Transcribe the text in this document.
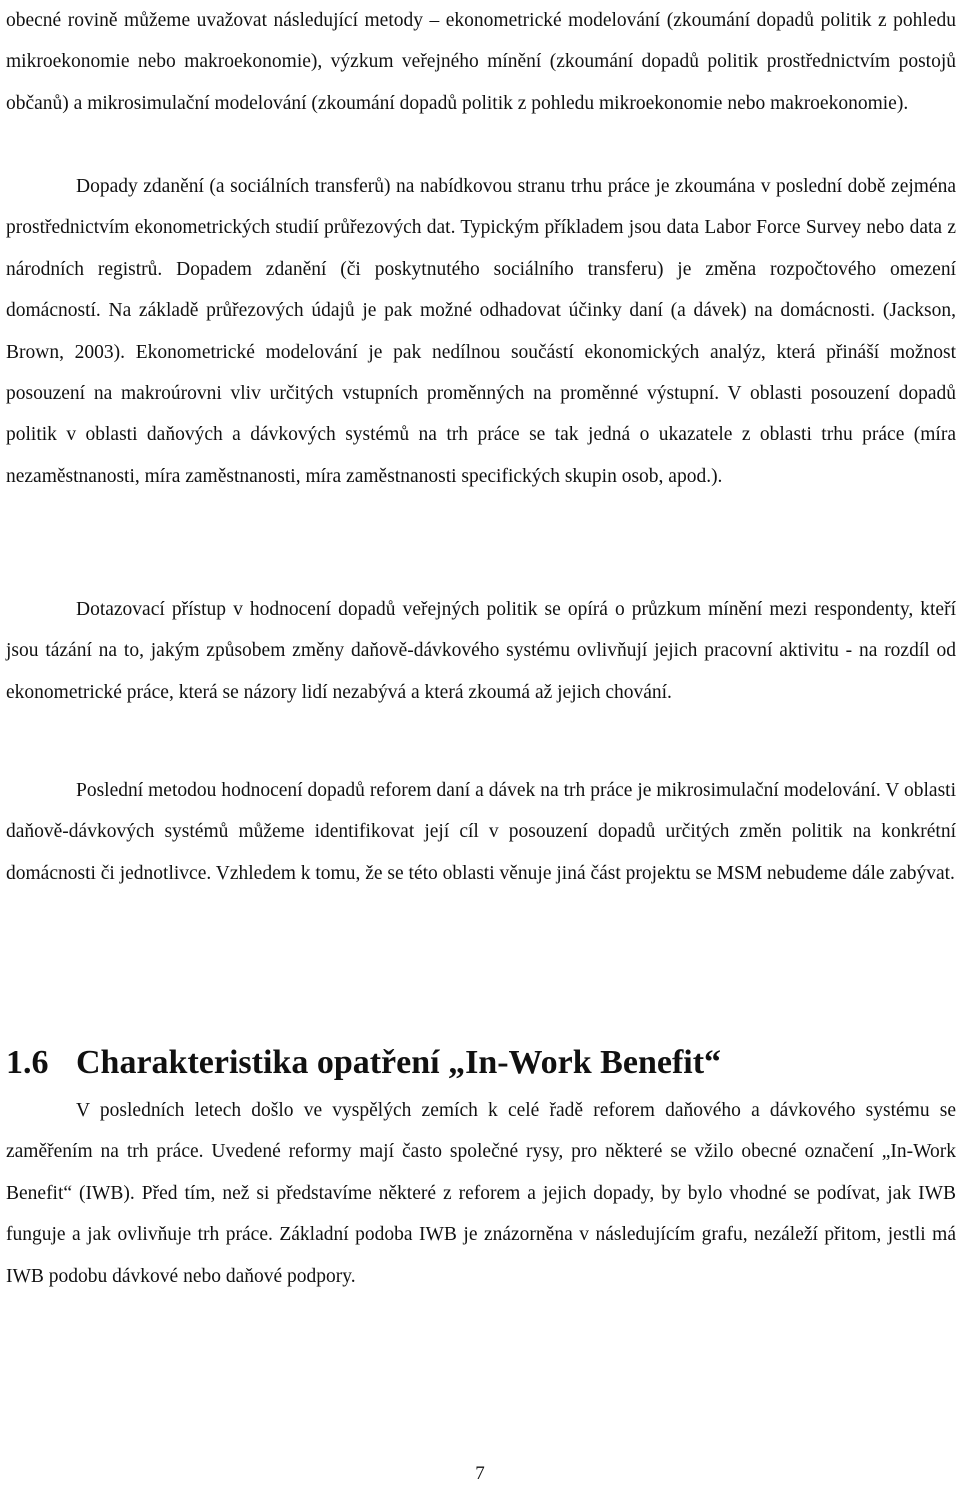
obecné rovině můžeme uvažovat následující metody – ekonometrické modelování (zkoumání dopadů politik z pohledu mikroekonomie nebo makroekonomie), výzkum veřejného mínění (zkoumání dopadů politik prostřednictvím postojů občanů) a mikrosimulační modelování (zkoumání dopadů politik z pohledu mikroekonomie nebo makroekonomie).

Dopady zdanění (a sociálních transferů) na nabídkovou stranu trhu práce je zkoumána v poslední době zejména prostřednictvím ekonometrických studií průřezových dat. Typickým příkladem jsou data Labor Force Survey nebo data z národních registrů. Dopadem zdanění (či poskytnutého sociálního transferu) je změna rozpočtového omezení domácností. Na základě průřezových údajů je pak možné odhadovat účinky daní (a dávek) na domácnosti. (Jackson, Brown, 2003). Ekonometrické modelování je pak nedílnou součástí ekonomických analýz, která přináší možnost posouzení na makroúrovni vliv určitých vstupních proměnných na proměnné výstupní. V oblasti posouzení dopadů politik v oblasti daňových a dávkových systémů na trh práce se tak jedná o ukazatele z oblasti trhu práce (míra nezaměstnanosti, míra zaměstnanosti, míra zaměstnanosti specifických skupin osob, apod.).

Dotazovací přístup v hodnocení dopadů veřejných politik se opírá o průzkum mínění mezi respondenty, kteří jsou tázání na to, jakým způsobem změny daňově-dávkového systému ovlivňují jejich pracovní aktivitu - na rozdíl od ekonometrické práce, která se názory lidí nezabývá a která zkoumá až jejich chování.

Poslední metodou hodnocení dopadů reforem daní a dávek na trh práce je mikrosimulační modelování. V oblasti daňově-dávkových systémů můžeme identifikovat její cíl v posouzení dopadů určitých změn politik na konkrétní domácnosti či jednotlivce. Vzhledem k tomu, že se této oblasti věnuje jiná část projektu se MSM nebudeme dále zabývat.

1.6 Charakteristika opatření „In-Work Benefit“

V posledních letech došlo ve vyspělých zemích k celé řadě reforem daňového a dávkového systému se zaměřením na trh práce. Uvedené reformy mají často společné rysy, pro některé se vžilo obecné označení „In-Work Benefit“ (IWB). Před tím, než si představíme některé z reforem a jejich dopady, by bylo vhodné se podívat, jak IWB funguje a jak ovlivňuje trh práce. Základní podoba IWB je znázorněna v následujícím grafu, nezáleží přitom, jestli má IWB podobu dávkové nebo daňové podpory.

7
